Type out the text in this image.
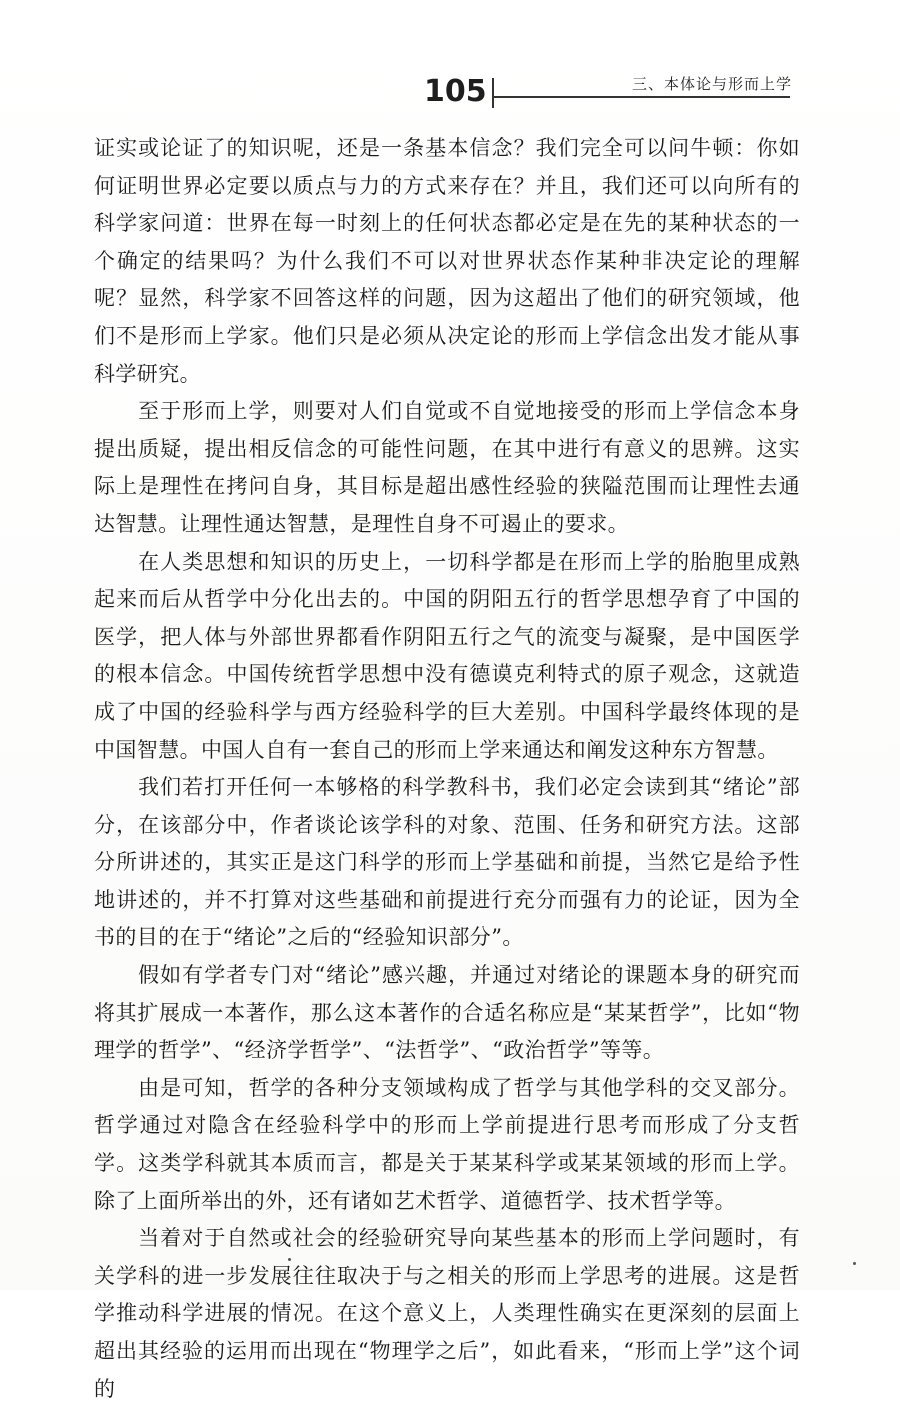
105	三、本体论与形而上学

证实或论证了的知识呢，还是一条基本信念？我们完全可以问牛顿：你如何证明世界必定要以质点与力的方式来存在？并且，我们还可以向所有的科学家问道：世界在每一时刻上的任何状态都必定是在先的某种状态的一个确定的结果吗？为什么我们不可以对世界状态作某种非决定论的理解呢？显然，科学家不回答这样的问题，因为这超出了他们的研究领域，他们不是形而上学家。他们只是必须从决定论的形而上学信念出发才能从事科学研究。

至于形而上学，则要对人们自觉或不自觉地接受的形而上学信念本身提出质疑，提出相反信念的可能性问题，在其中进行有意义的思辨。这实际上是理性在拷问自身，其目标是超出感性经验的狭隘范围而让理性去通达智慧。让理性通达智慧，是理性自身不可遏止的要求。

在人类思想和知识的历史上，一切科学都是在形而上学的胎胞里成熟起来而后从哲学中分化出去的。中国的阴阳五行的哲学思想孕育了中国的医学，把人体与外部世界都看作阴阳五行之气的流变与凝聚，是中国医学的根本信念。中国传统哲学思想中没有德谟克利特式的原子观念，这就造成了中国的经验科学与西方经验科学的巨大差别。中国科学最终体现的是中国智慧。中国人自有一套自己的形而上学来通达和阐发这种东方智慧。

我们若打开任何一本够格的科学教科书，我们必定会读到其“绪论”部分，在该部分中，作者谈论该学科的对象、范围、任务和研究方法。这部分所讲述的，其实正是这门科学的形而上学基础和前提，当然它是给予性地讲述的，并不打算对这些基础和前提进行充分而强有力的论证，因为全书的目的在于“绪论”之后的“经验知识部分”。

假如有学者专门对“绪论”感兴趣，并通过对绪论的课题本身的研究而将其扩展成一本著作，那么这本著作的合适名称应是“某某哲学”，比如“物理学的哲学”、“经济学哲学”、“法哲学”、“政治哲学”等等。

由是可知，哲学的各种分支领域构成了哲学与其他学科的交叉部分。哲学通过对隐含在经验科学中的形而上学前提进行思考而形成了分支哲学。这类学科就其本质而言，都是关于某某科学或某某领域的形而上学。除了上面所举出的外，还有诸如艺术哲学、道德哲学、技术哲学等。

当着对于自然或社会的经验研究导向某些基本的形而上学问题时，有关学科的进一步发展往往取决于与之相关的形而上学思考的进展。这是哲学推动科学进展的情况。在这个意义上，人类理性确实在更深刻的层面上超出其经验的运用而出现在“物理学之后”，如此看来，“形而上学”这个词的
